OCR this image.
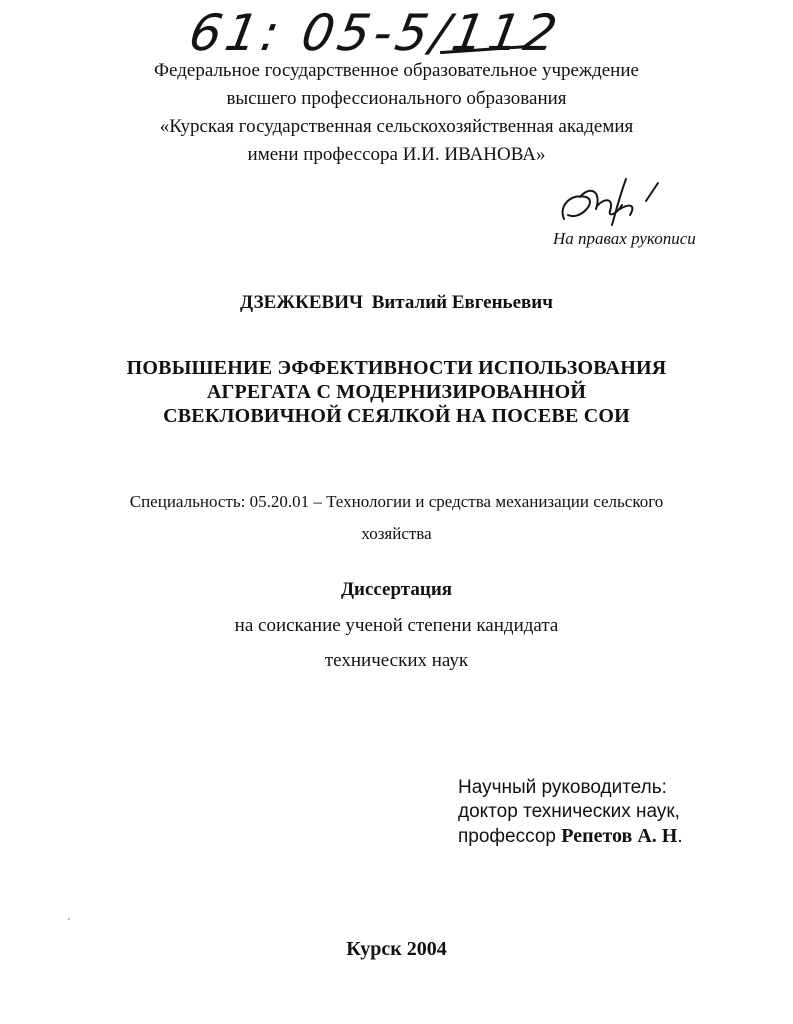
61: 05-5/112
Федеральное государственное образовательное учреждение
высшего профессионального образования
«Курская государственная сельскохозяйственная академия
имени профессора И.И. ИВАНОВА»
На правах рукописи
ДЗЕЖКЕВИЧ Виталий Евгеньевич
ПОВЫШЕНИЕ ЭФФЕКТИВНОСТИ ИСПОЛЬЗОВАНИЯ
АГРЕГАТА С МОДЕРНИЗИРОВАННОЙ
СВЕКЛОВИЧНОЙ СЕЯЛКОЙ НА ПОСЕВЕ СОИ
Специальность: 05.20.01 – Технологии и средства механизации сельского
хозяйства
Диссертация
на соискание ученой степени кандидата
технических наук
Научный руководитель:
доктор технических наук,
профессор Репетов А. Н.
Курск 2004
